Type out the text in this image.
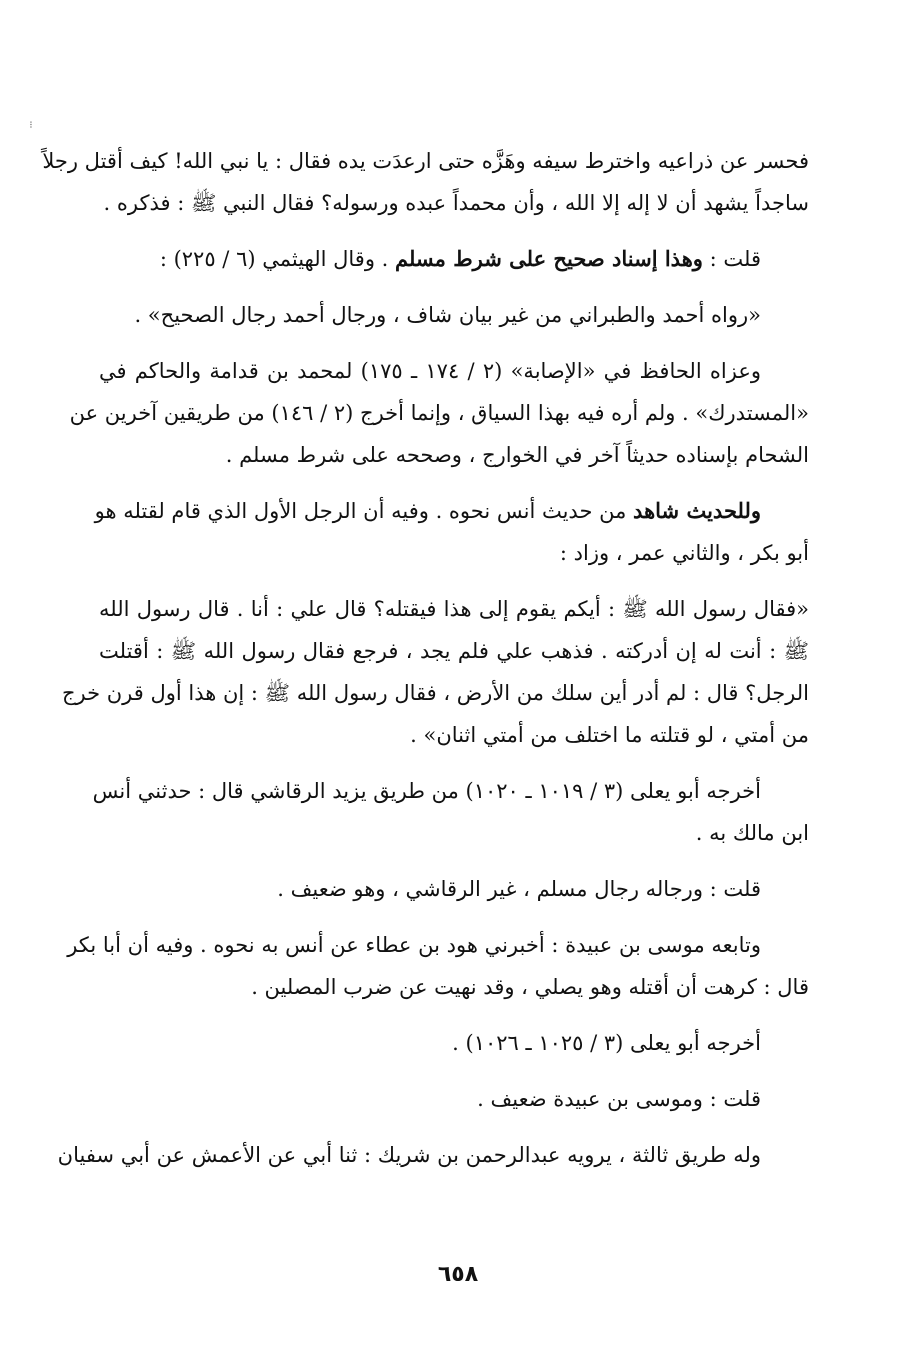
⁝
فحسر عن ذراعيه واخترط سيفه وهَزَّه حتى ارعدَت يده فقال : يا نبي الله! كيف أقتل رجلاً
ساجداً يشهد أن لا إله إلا الله ، وأن محمداً عبده ورسوله؟ فقال النبي ﷺ : فذكره .
قلت : وهذا إسناد صحيح على شرط مسلم . وقال الهيثمي (٦ / ٢٢٥) :
«رواه أحمد والطبراني من غير بيان شاف ، ورجال أحمد رجال الصحيح» .
وعزاه الحافظ في «الإصابة» (٢ / ١٧٤ ـ ١٧٥) لمحمد بن قدامة والحاكم في
«المستدرك» . ولم أره فيه بهذا السياق ، وإنما أخرج (٢ / ١٤٦) من طريقين آخرين عن
الشحام بإسناده حديثاً آخر في الخوارج ، وصححه على شرط مسلم .
وللحديث شاهد من حديث أنس نحوه . وفيه أن الرجل الأول الذي قام لقتله هو
أبو بكر ، والثاني عمر ، وزاد :
«فقال رسول الله ﷺ : أيكم يقوم إلى هذا فيقتله؟ قال علي : أنا . قال رسول الله
ﷺ : أنت له إن أدركته . فذهب علي فلم يجد ، فرجع فقال رسول الله ﷺ : أقتلت
الرجل؟ قال : لم أدر أين سلك من الأرض ، فقال رسول الله ﷺ : إن هذا أول قرن خرج
من أمتي ، لو قتلته ما اختلف من أمتي اثنان» .
أخرجه أبو يعلى (٣ / ١٠١٩ ـ ١٠٢٠) من طريق يزيد الرقاشي قال : حدثني أنس
ابن مالك به .
قلت : ورجاله رجال مسلم ، غير الرقاشي ، وهو ضعيف .
وتابعه موسى بن عبيدة : أخبرني هود بن عطاء عن أنس به نحوه . وفيه أن أبا بكر
قال : كرهت أن أقتله وهو يصلي ، وقد نهيت عن ضرب المصلين .
أخرجه أبو يعلى (٣ / ١٠٢٥ ـ ١٠٢٦) .
قلت : وموسى بن عبيدة ضعيف .
وله طريق ثالثة ، يرويه عبدالرحمن بن شريك : ثنا أبي عن الأعمش عن أبي سفيان
٦٥٨
